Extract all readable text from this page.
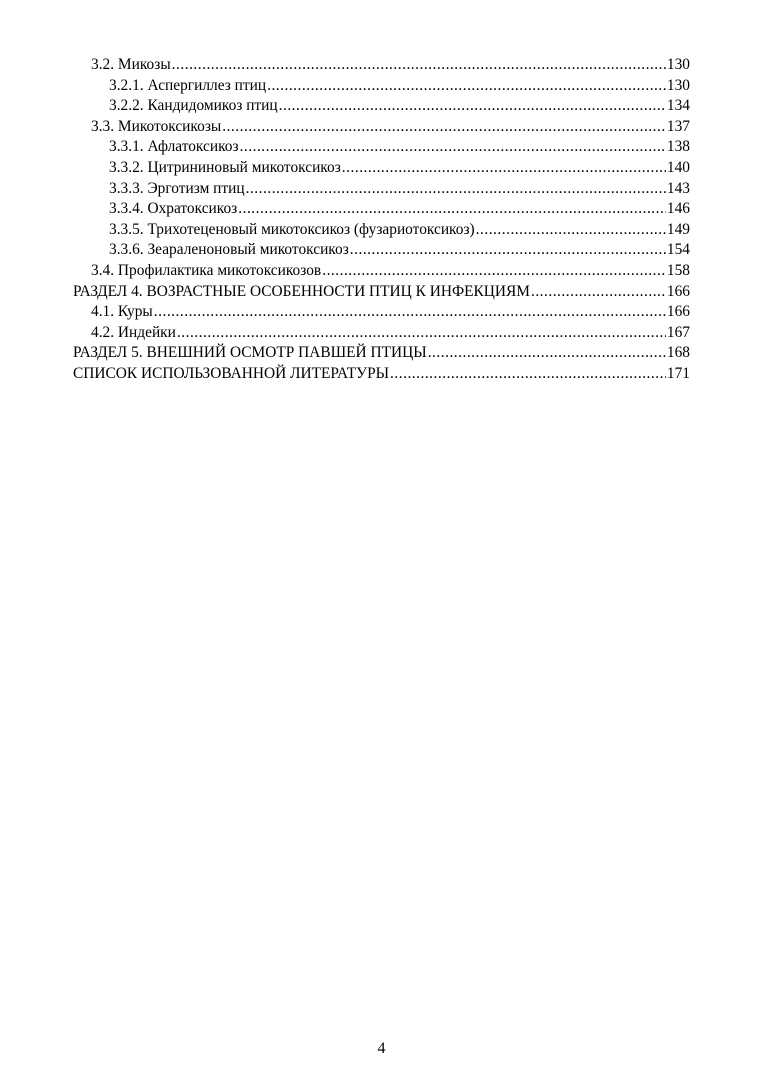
3.2. Микозы .....	130
3.2.1. Аспергиллез птиц .....	130
3.2.2. Кандидомикоз птиц .....	134
3.3. Микотоксикозы .....	137
3.3.1. Афлатоксикоз .....	138
3.3.2. Цитрининовый микотоксикоз .....	140
3.3.3. Эрготизм птиц .....	143
3.3.4. Охратоксикоз .....	146
3.3.5. Трихотеценовый микотоксикоз (фузариотоксикоз) .....	149
3.3.6. Зеараленоновый микотоксикоз .....	154
3.4. Профилактика микотоксикозов .....	158
РАЗДЕЛ 4. ВОЗРАСТНЫЕ ОСОБЕННОСТИ ПТИЦ К ИНФЕКЦИЯМ .....	166
4.1. Куры .....	166
4.2. Индейки .....	167
РАЗДЕЛ 5. ВНЕШНИЙ ОСМОТР ПАВШЕЙ ПТИЦЫ .....	168
СПИСОК ИСПОЛЬЗОВАННОЙ ЛИТЕРАТУРЫ .....	171
4
